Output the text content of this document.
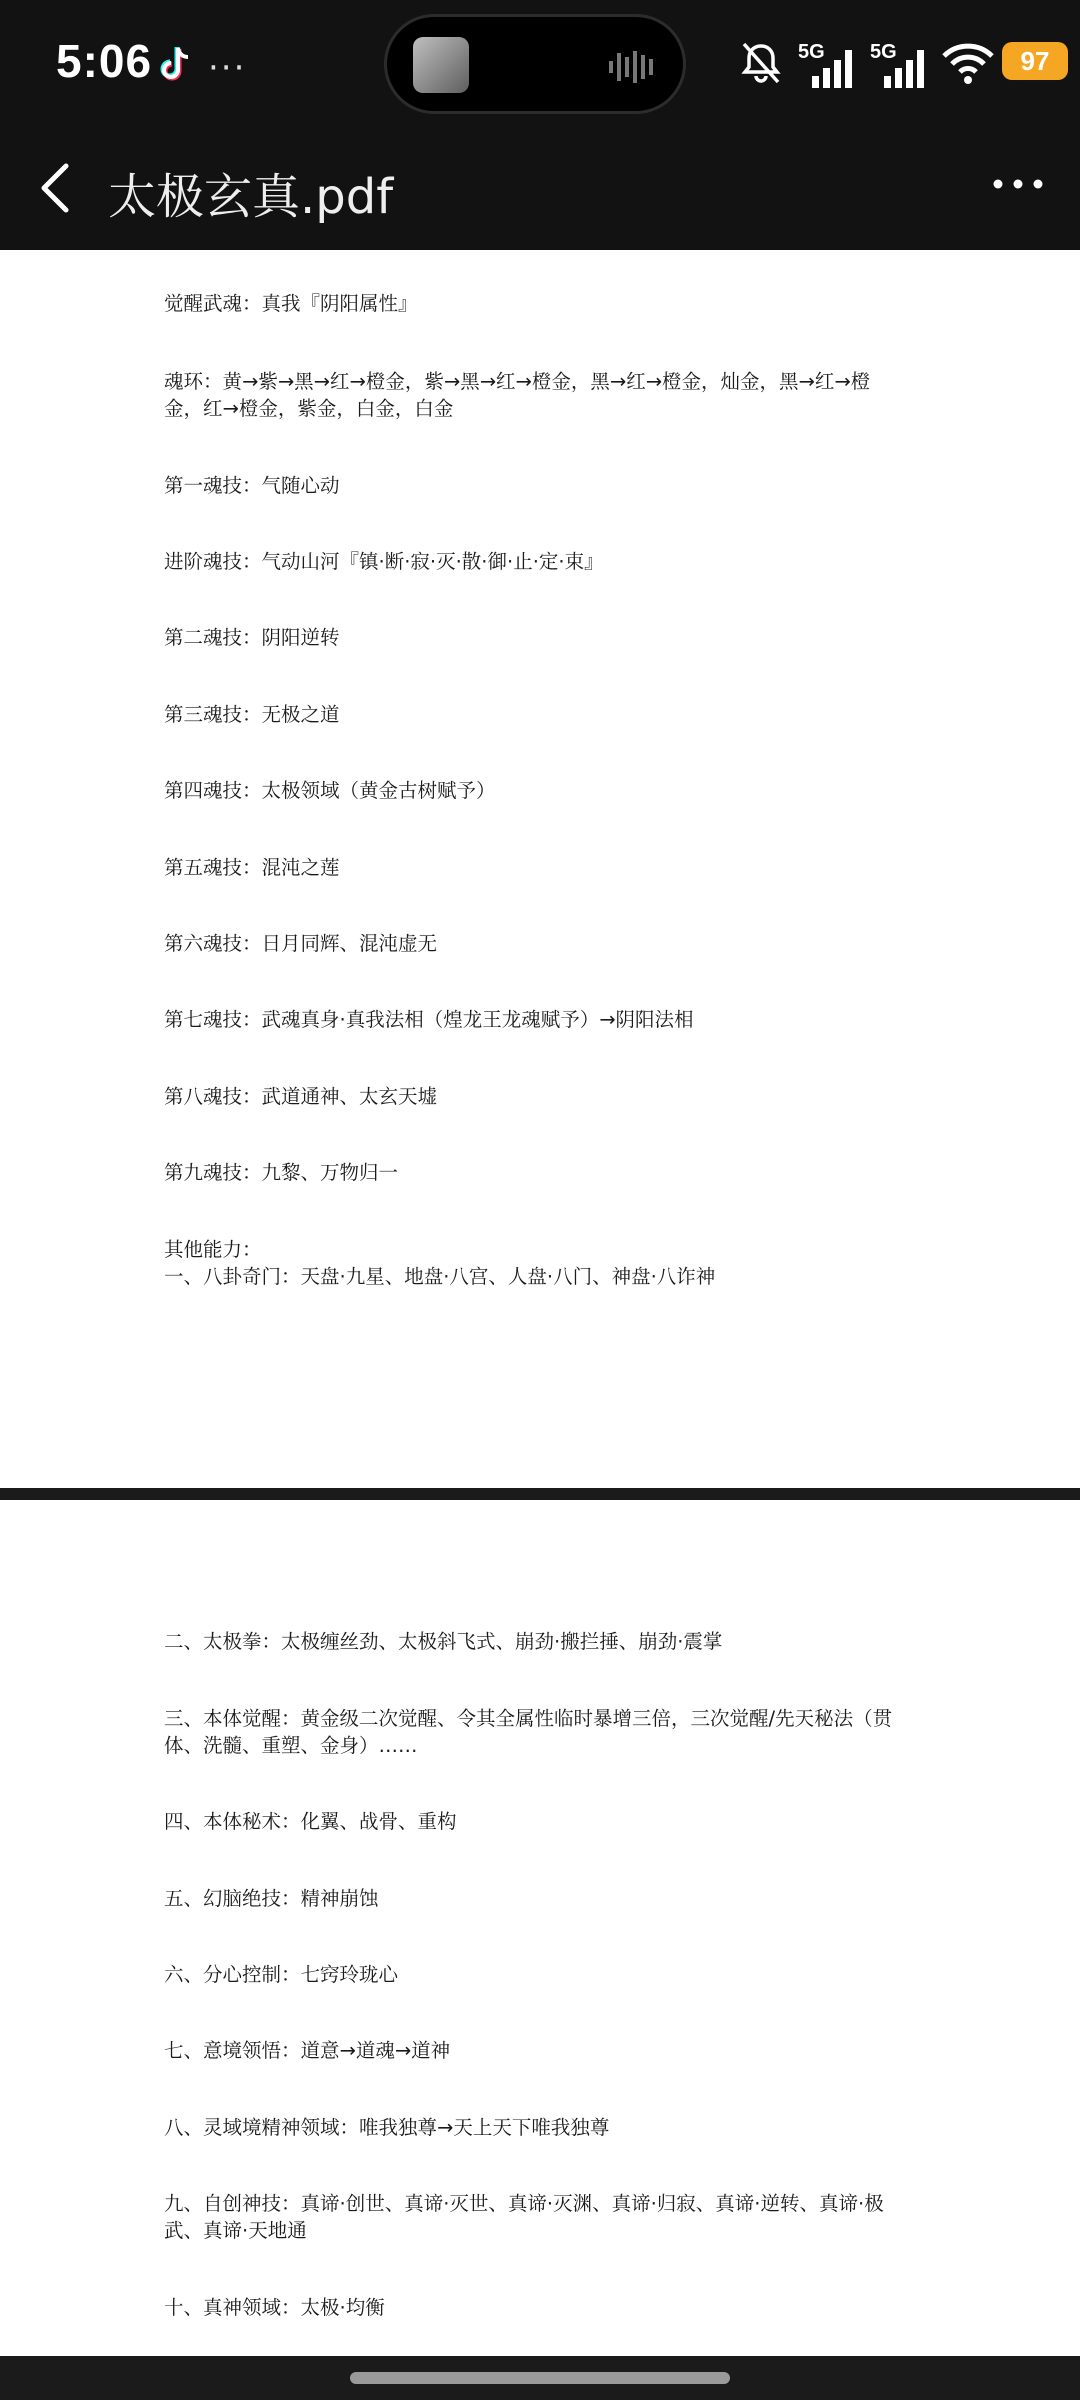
5:06 ···	5G 5G	97
太极玄真.pdf
觉醒武魂：真我『阴阳属性』
魂环：黄→紫→黑→红→橙金，紫→黑→红→橙金，黑→红→橙金，灿金，黑→红→橙
金，红→橙金，紫金，白金，白金
第一魂技：气随心动
进阶魂技：气动山河『镇·断·寂·灭·散·御·止·定·束』
第二魂技：阴阳逆转
第三魂技：无极之道
第四魂技：太极领域（黄金古树赋予）
第五魂技：混沌之莲
第六魂技：日月同辉、混沌虚无
第七魂技：武魂真身·真我法相（煌龙王龙魂赋予）→阴阳法相
第八魂技：武道通神、太玄天墟
第九魂技：九黎、万物归一
其他能力：
一、八卦奇门：天盘·九星、地盘·八宫、人盘·八门、神盘·八诈神
二、太极拳：太极缠丝劲、太极斜飞式、崩劲·搬拦捶、崩劲·震掌
三、本体觉醒：黄金级二次觉醒、令其全属性临时暴增三倍，三次觉醒/先天秘法（贯
体、洗髓、重塑、金身）……
四、本体秘术：化翼、战骨、重构
五、幻脑绝技：精神崩蚀
六、分心控制：七窍玲珑心
七、意境领悟：道意→道魂→道神
八、灵域境精神领域：唯我独尊→天上天下唯我独尊
九、自创神技：真谛·创世、真谛·灭世、真谛·灭渊、真谛·归寂、真谛·逆转、真谛·极
武、真谛·天地通
十、真神领域：太极·均衡
